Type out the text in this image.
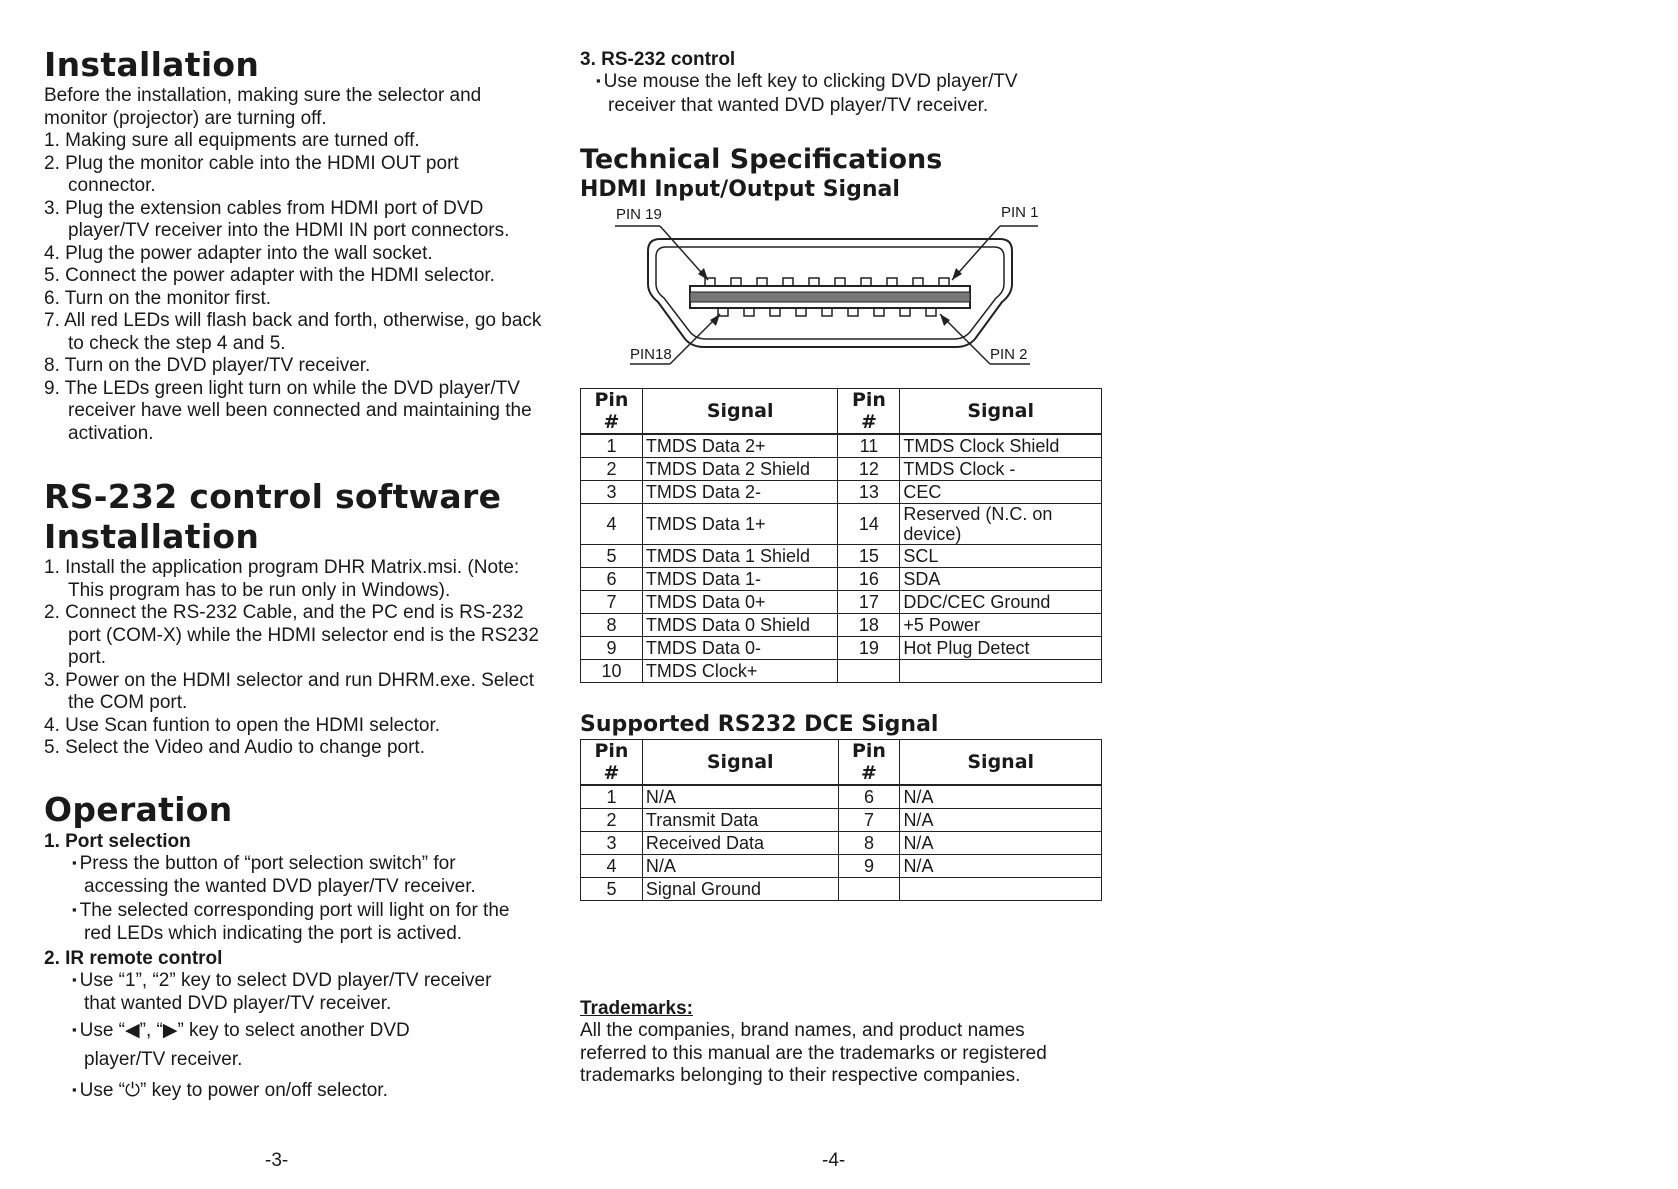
Installation

Before the installation, making sure the selector and monitor (projector) are turning off.

1. Making sure all equipments are turned off.
2. Plug the monitor cable into the HDMI OUT port connector.
3. Plug the extension cables from HDMI port of DVD player/TV receiver into the HDMI IN port connectors.
4. Plug the power adapter into the wall socket.
5. Connect the power adapter with the HDMI selector.
6. Turn on the monitor first.
7. All red LEDs will flash back and forth, otherwise, go back to check the step 4 and 5.
8. Turn on the DVD player/TV receiver.
9. The LEDs green light turn on while the DVD player/TV receiver have well been connected and maintaining the activation.
RS-232 control software
Installation
1. Install the application program DHR Matrix.msi. (Note: This program has to be run only in Windows).
2. Connect the RS-232 Cable, and the PC end is RS-232 port (COM-X) while the HDMI selector end is the RS232 port.
3. Power on the HDMI selector and run DHRM.exe. Select the COM port.
4. Use Scan funtion to open the HDMI selector.
5. Select the Video and Audio to change port.
Operation
1. Port selection
▪ Press the button of “port selection switch” for accessing the wanted DVD player/TV receiver.
▪ The selected corresponding port will light on for the red LEDs which indicating the port is actived.
2. IR remote control
▪ Use “1”, “2” key to select DVD player/TV receiver that wanted DVD player/TV receiver.
▪ Use “◀”, “▶” key to select another DVD player/TV receiver.
▪ Use “⏻” key to power on/off selector.
3. RS-232 control
▪ Use mouse the left key to clicking DVD player/TV receiver that wanted DVD player/TV receiver.
Technical Specifications
HDMI Input/Output Signal
PIN 19	PIN 1
PIN18	PIN 2
Pin #	Signal	Pin #	Signal
1	TMDS Data 2+	11	TMDS Clock Shield
2	TMDS Data 2 Shield	12	TMDS Clock -
3	TMDS Data 2-	13	CEC
4	TMDS Data 1+	14	Reserved (N.C. on device)
5	TMDS Data 1 Shield	15	SCL
6	TMDS Data 1-	16	SDA
7	TMDS Data 0+	17	DDC/CEC Ground
8	TMDS Data 0 Shield	18	+5 Power
9	TMDS Data 0-	19	Hot Plug Detect
10	TMDS Clock+		
Supported RS232 DCE Signal
Pin #	Signal	Pin #	Signal
1	N/A	6	N/A
2	Transmit Data	7	N/A
3	Received Data	8	N/A
4	N/A	9	N/A
5	Signal Ground		
Trademarks:

All the companies, brand names, and product names referred to this manual are the trademarks or registered trademarks belonging to their respective companies.

-3-	-4-
